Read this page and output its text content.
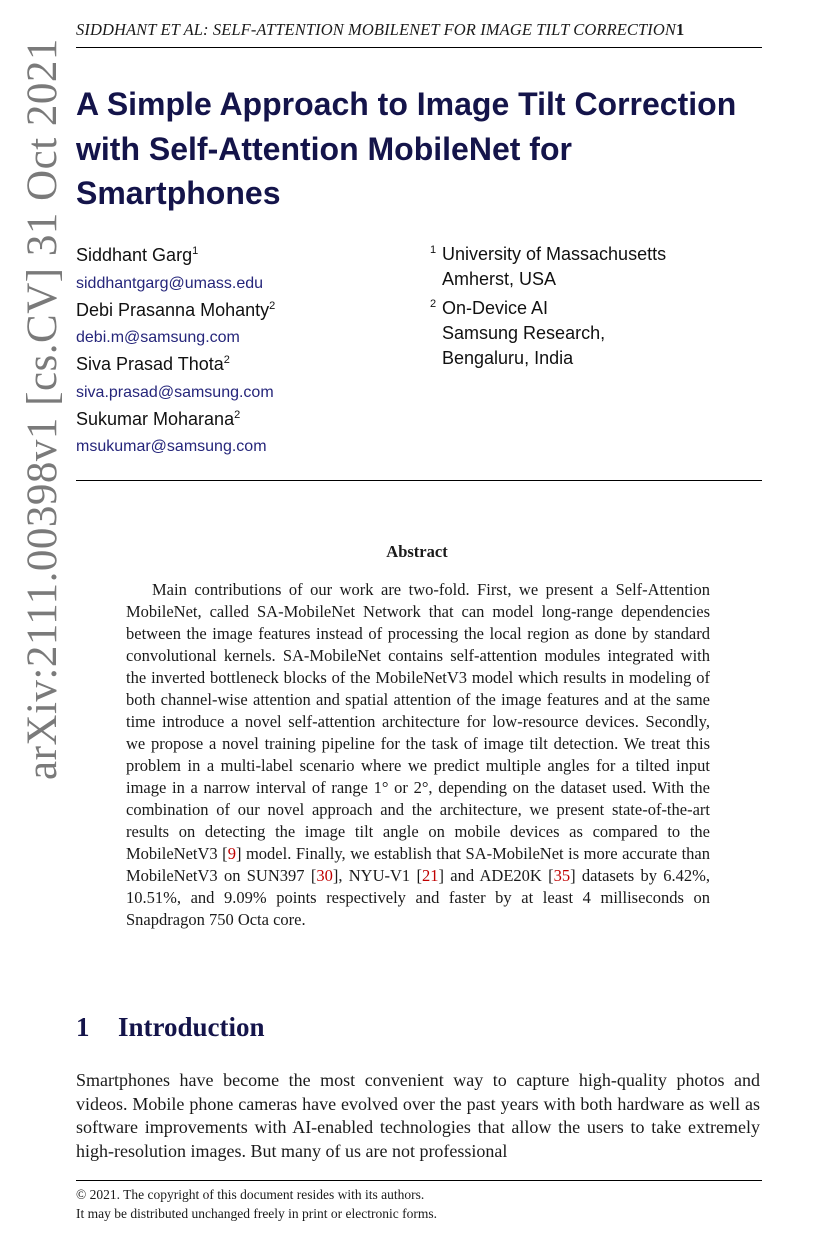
SIDDHANT ET AL: SELF-ATTENTION MOBILENET FOR IMAGE TILT CORRECTION1
arXiv:2111.00398v1 [cs.CV] 31 Oct 2021 A Simple Approach to Image Tilt Correction with Self-Attention MobileNet for Smartphones
Siddhant Garg$^1$
siddhantgarg@umass.edu
Debi Prasanna Mohanty$^2$
debi.m@samsung.com
Siva Prasad Thota$^2$
siva.prasad@samsung.com
Sukumar Moharana$^2$
msukumar@samsung.com
1 University of Massachusetts
Amherst, USA
2 On-Device AI
Samsung Research,
Bengaluru, India
Abstract

Main contributions of our work are two-fold. First, we present a Self-Attention MobileNet, called SA-MobileNet Network that can model long-range dependencies between the image features instead of processing the local region as done by standard convolutional kernels. SA-MobileNet contains self-attention modules integrated with the inverted bottleneck blocks of the MobileNetV3 model which results in modeling of both channel-wise attention and spatial attention of the image features and at the same time introduce a novel self-attention architecture for low-resource devices. Secondly, we propose a novel training pipeline for the task of image tilt detection. We treat this problem in a multi-label scenario where we predict multiple angles for a tilted input image in a narrow interval of range 1° or 2°, depending on the dataset used. With the combination of our novel approach and the architecture, we present state-of-the-art results on detecting the image tilt angle on mobile devices as compared to the MobileNetV3 [9] model. Finally, we establish that SA-MobileNet is more accurate than MobileNetV3 on SUN397 [30], NYU-V1 [21] and ADE20K [35] datasets by 6.42%, 10.51%, and 9.09% points respectively and faster by at least 4 milliseconds on Snapdragon 750 Octa core.

1 Introduction

Smartphones have become the most convenient way to capture high-quality photos and videos. Mobile phone cameras have evolved over the past years with both hardware as well as software improvements with AI-enabled technologies that allow the users to take extremely high-resolution images. But many of us are not professional

© 2021. The copyright of this document resides with its authors.
It may be distributed unchanged freely in print or electronic forms.
